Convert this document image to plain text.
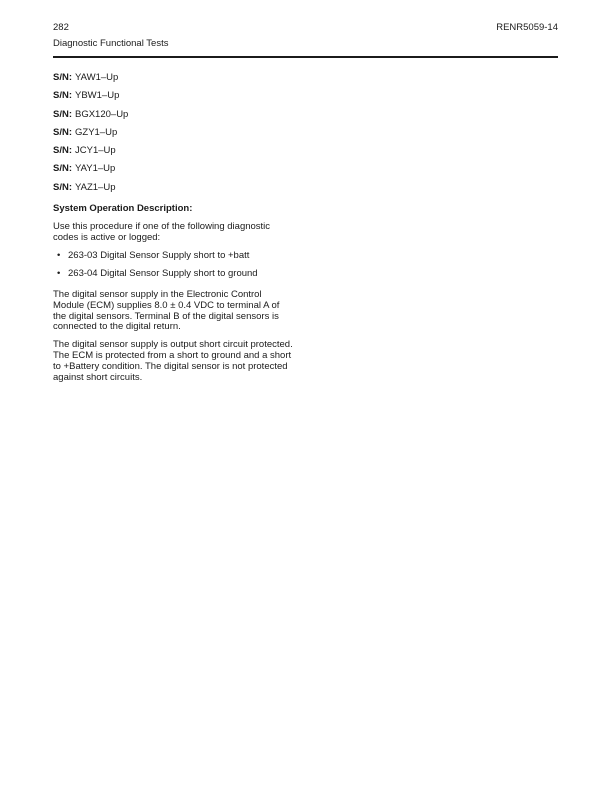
282	RENR5059-14
Diagnostic Functional Tests
S/N: YAW1–Up
S/N: YBW1–Up
S/N: BGX120–Up
S/N: GZY1–Up
S/N: JCY1–Up
S/N: YAY1–Up
S/N: YAZ1–Up
System Operation Description:

Use this procedure if one of the following diagnostic codes is active or logged:

• 263-03 Digital Sensor Supply short to +batt
• 263-04 Digital Sensor Supply short to ground

The digital sensor supply in the Electronic Control Module (ECM) supplies 8.0 ± 0.4 VDC to terminal A of the digital sensors. Terminal B of the digital sensors is connected to the digital return.

The digital sensor supply is output short circuit protected. The ECM is protected from a short to ground and a short to +Battery condition. The digital sensor is not protected against short circuits.
